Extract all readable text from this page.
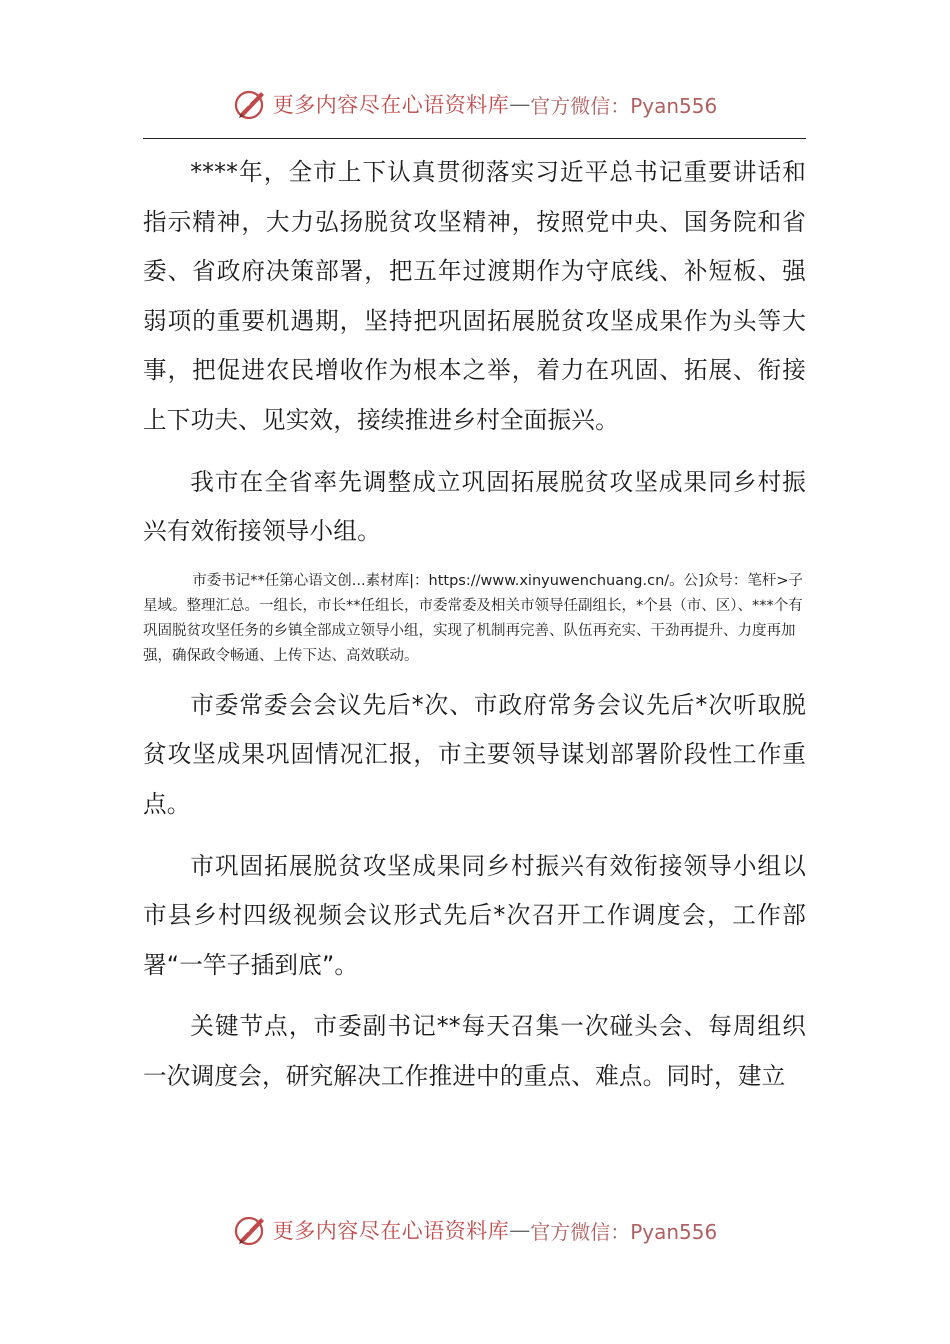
更多内容尽在心语资料库 — 官方微信：Pyan556

****年，全市上下认真贯彻落实习近平总书记重要讲话和指示精神，大力弘扬脱贫攻坚精神，按照党中央、国务院和省委、省政府决策部署，把五年过渡期作为守底线、补短板、强弱项的重要机遇期，坚持把巩固拓展脱贫攻坚成果作为头等大事，把促进农民增收作为根本之举，着力在巩固、拓展、衔接上下功夫、见实效，接续推进乡村全面振兴。

我市在全省率先调整成立巩固拓展脱贫攻坚成果同乡村振兴有效衔接领导小组。

市委书记**任第心语文创...素材库|：https://www.xinyuwenchuang.cn/。公]众号：笔杆>子星域。整理汇总。一组长，市长**任组长，市委常委及相关市领导任副组长，*个县（市、区）、***个有巩固脱贫攻坚任务的乡镇全部成立领导小组，实现了机制再完善、队伍再充实、干劲再提升、力度再加强，确保政令畅通、上传下达、高效联动。

市委常委会会议先后*次、市政府常务会议先后*次听取脱贫攻坚成果巩固情况汇报，市主要领导谋划部署阶段性工作重点。

市巩固拓展脱贫攻坚成果同乡村振兴有效衔接领导小组以市县乡村四级视频会议形式先后*次召开工作调度会，工作部署“一竿子插到底”。

关键节点，市委副书记**每天召集一次碰头会、每周组织一次调度会，研究解决工作推进中的重点、难点。同时，建立

更多内容尽在心语资料库 — 官方微信：Pyan556
